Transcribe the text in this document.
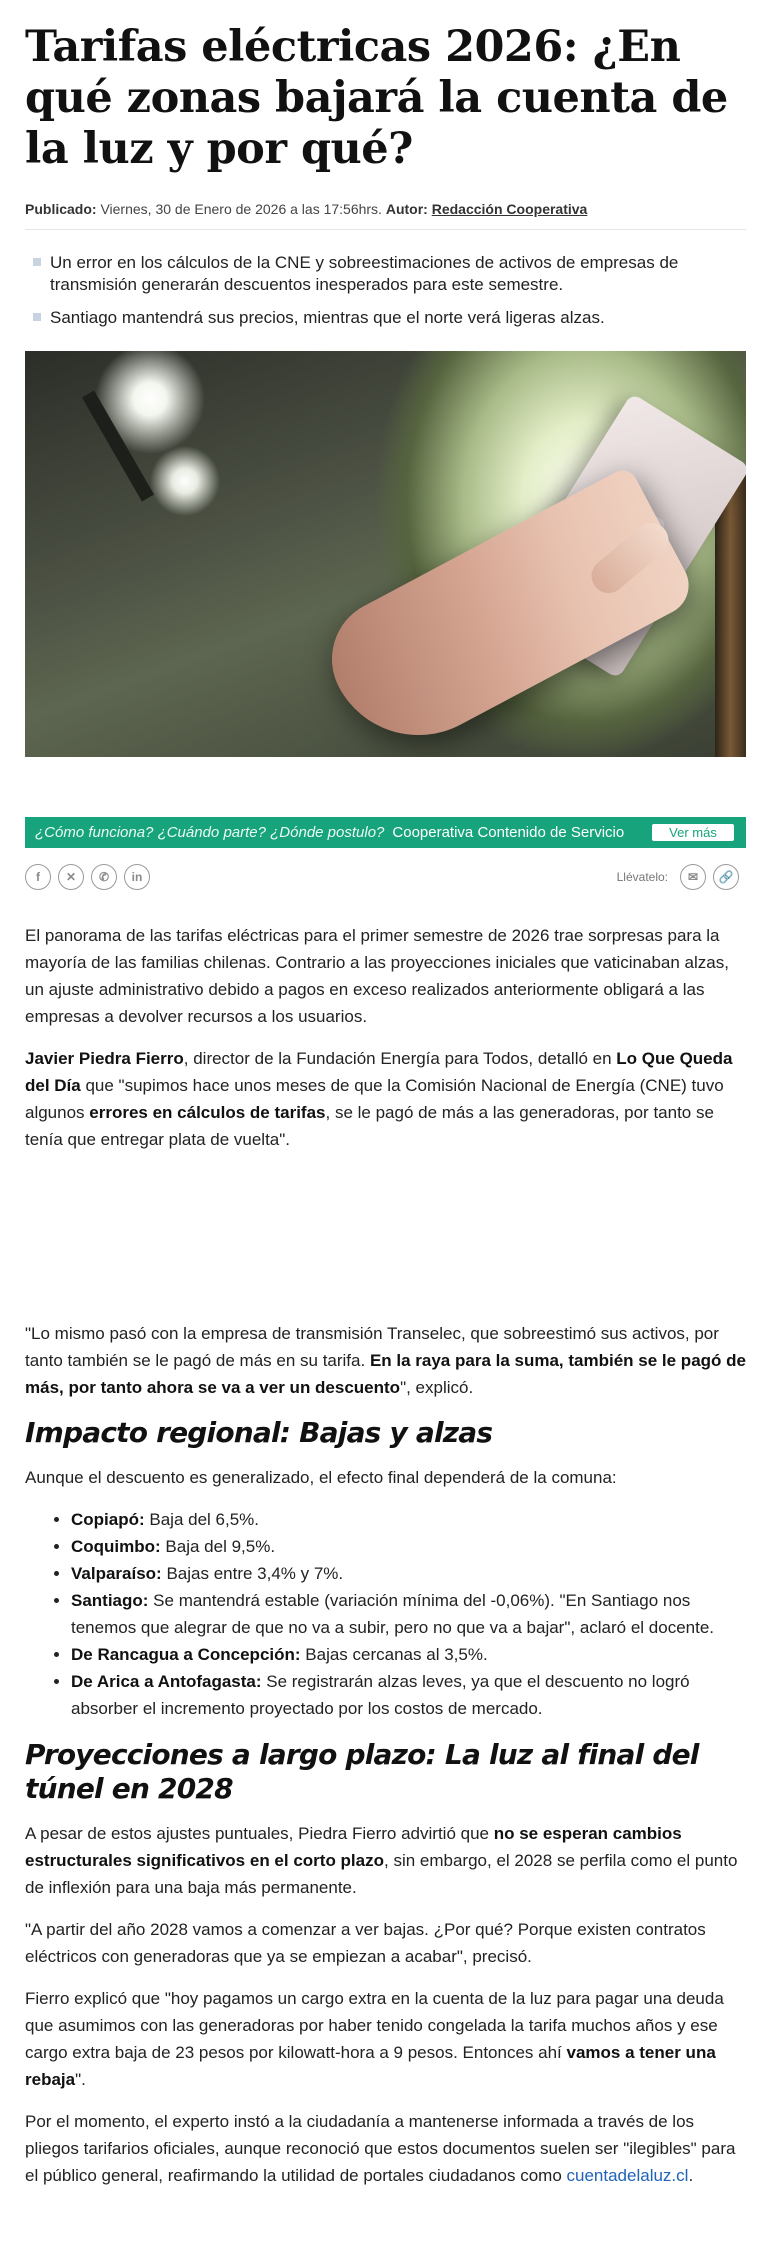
Tarifas eléctricas 2026: ¿En qué zonas bajará la cuenta de la luz y por qué?
Publicado: Viernes, 30 de Enero de 2026 a las 17:56hrs. Autor: Redacción Cooperativa
Un error en los cálculos de la CNE y sobreestimaciones de activos de empresas de transmisión generarán descuentos inesperados para este semestre.
Santiago mantendrá sus precios, mientras que el norte verá ligeras alzas.
¿Cómo funciona? ¿Cuándo parte? ¿Dónde postulo? Cooperativa Contenido de Servicio	Ver más
f	✕	✆	in	Llévatelo:	✉	🔗

El panorama de las tarifas eléctricas para el primer semestre de 2026 trae sorpresas para la mayoría de las familias chilenas. Contrario a las proyecciones iniciales que vaticinaban alzas, un ajuste administrativo debido a pagos en exceso realizados anteriormente obligará a las empresas a devolver recursos a los usuarios.

Javier Piedra Fierro, director de la Fundación Energía para Todos, detalló en Lo Que Queda del Día que "supimos hace unos meses de que la Comisión Nacional de Energía (CNE) tuvo algunos errores en cálculos de tarifas, se le pagó de más a las generadoras, por tanto se tenía que entregar plata de vuelta".

"Lo mismo pasó con la empresa de transmisión Transelec, que sobreestimó sus activos, por tanto también se le pagó de más en su tarifa. En la raya para la suma, también se le pagó de más, por tanto ahora se va a ver un descuento", explicó.

Impacto regional: Bajas y alzas

Aunque el descuento es generalizado, el efecto final dependerá de la comuna:

• Copiapó: Baja del 6,5%.
• Coquimbo: Baja del 9,5%.
• Valparaíso: Bajas entre 3,4% y 7%.
• Santiago: Se mantendrá estable (variación mínima del -0,06%). "En Santiago nos tenemos que alegrar de que no va a subir, pero no que va a bajar", aclaró el docente.
• De Rancagua a Concepción: Bajas cercanas al 3,5%.
• De Arica a Antofagasta: Se registrarán alzas leves, ya que el descuento no logró absorber el incremento proyectado por los costos de mercado.
Proyecciones a largo plazo: La luz al final del túnel en 2028

A pesar de estos ajustes puntuales, Piedra Fierro advirtió que no se esperan cambios estructurales significativos en el corto plazo, sin embargo, el 2028 se perfila como el punto de inflexión para una baja más permanente.

"A partir del año 2028 vamos a comenzar a ver bajas. ¿Por qué? Porque existen contratos eléctricos con generadoras que ya se empiezan a acabar", precisó.

Fierro explicó que "hoy pagamos un cargo extra en la cuenta de la luz para pagar una deuda que asumimos con las generadoras por haber tenido congelada la tarifa muchos años y ese cargo extra baja de 23 pesos por kilowatt-hora a 9 pesos. Entonces ahí vamos a tener una rebaja".

Por el momento, el experto instó a la ciudadanía a mantenerse informada a través de los pliegos tarifarios oficiales, aunque reconoció que estos documentos suelen ser "ilegibles" para el público general, reafirmando la utilidad de portales ciudadanos como cuentadelaluz.cl.
